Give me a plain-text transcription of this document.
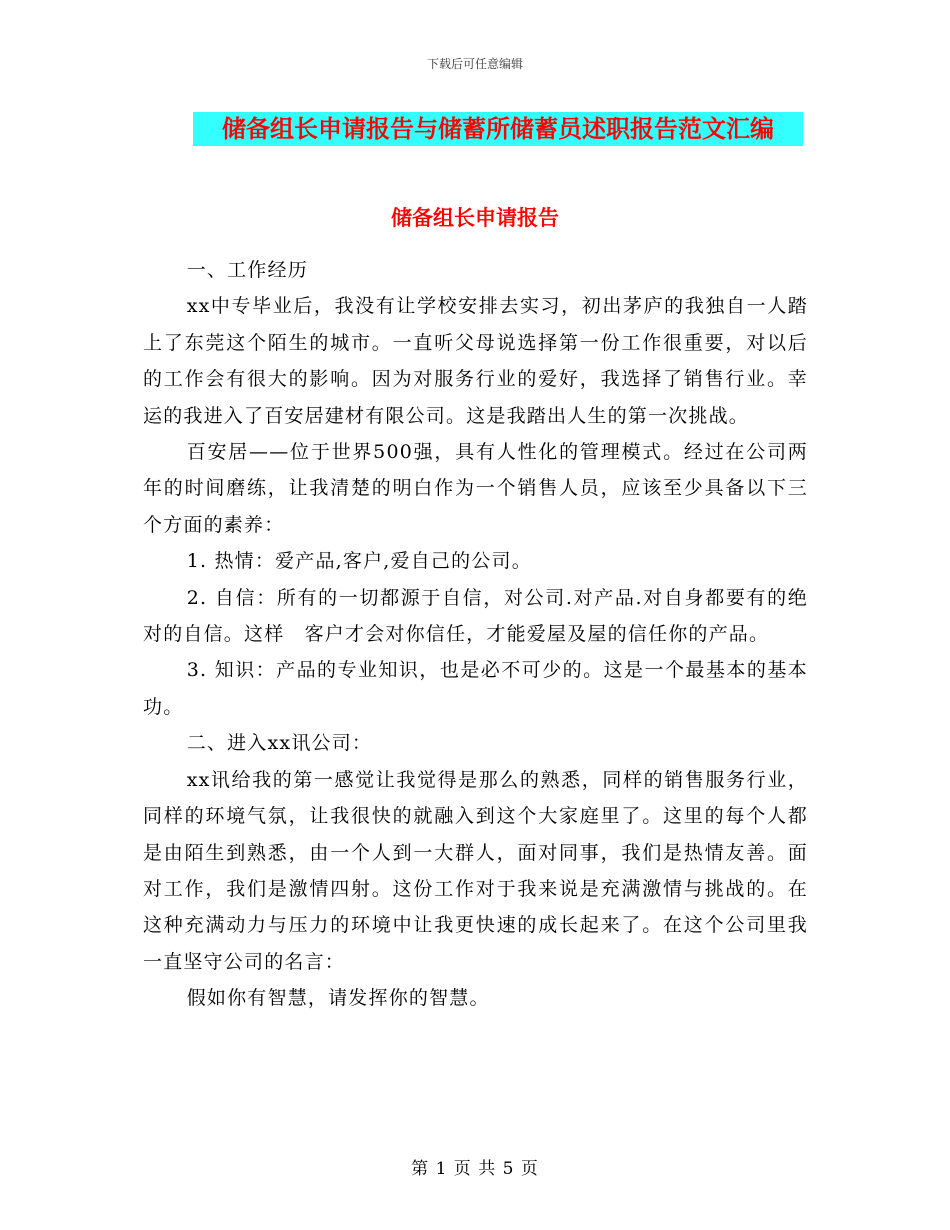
下载后可任意编辑
储备组长申请报告与储蓄所储蓄员述职报告范文汇编
储备组长申请报告

一、工作经历

xx中专毕业后，我没有让学校安排去实习，初出茅庐的我独自一人踏上了东莞这个陌生的城市。一直听父母说选择第一份工作很重要，对以后的工作会有很大的影响。因为对服务行业的爱好，我选择了销售行业。幸运的我进入了百安居建材有限公司。这是我踏出人生的第一次挑战。

百安居——位于世界500强，具有人性化的管理模式。经过在公司两年的时间磨练，让我清楚的明白作为一个销售人员，应该至少具备以下三个方面的素养：

1. 热情：爱产品,客户,爱自己的公司。

2. 自信：所有的一切都源于自信，对公司.对产品.对自身都要有的绝对的自信。这样　客户才会对你信任，才能爱屋及屋的信任你的产品。

3. 知识：产品的专业知识，也是必不可少的。这是一个最基本的基本功。

二、进入xx讯公司：

xx讯给我的第一感觉让我觉得是那么的熟悉，同样的销售服务行业，同样的环境气氛，让我很快的就融入到这个大家庭里了。这里的每个人都是由陌生到熟悉，由一个人到一大群人，面对同事，我们是热情友善。面对工作，我们是激情四射。这份工作对于我来说是充满激情与挑战的。在这种充满动力与压力的环境中让我更快速的成长起来了。在这个公司里我一直坚守公司的名言：

假如你有智慧，请发挥你的智慧。

第 1 页 共 5 页
